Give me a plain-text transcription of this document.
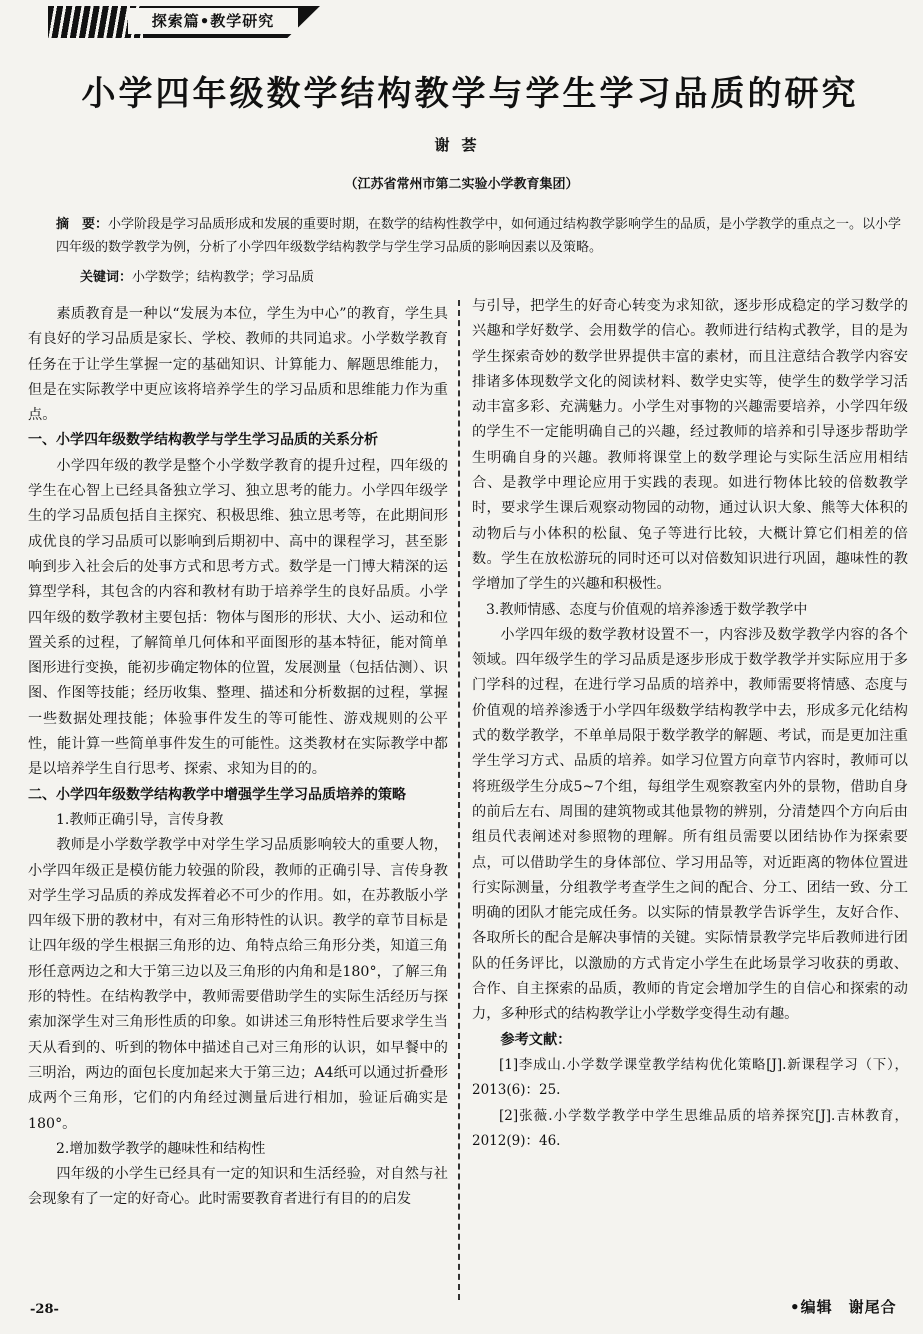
探索篇•教学研究
小学四年级数学结构教学与学生学习品质的研究
谢荟
（江苏省常州市第二实验小学教育集团）
摘　要：小学阶段是学习品质形成和发展的重要时期，在数学的结构性教学中，如何通过结构教学影响学生的品质，是小学教学的重点之一。以小学四年级的数学教学为例，分析了小学四年级数学结构教学与学生学习品质的影响因素以及策略。
关键词：小学数学；结构教学；学习品质

素质教育是一种以“发展为本位，学生为中心”的教育，学生具有良好的学习品质是家长、学校、教师的共同追求。小学数学教育任务在于让学生掌握一定的基础知识、计算能力、解题思维能力，但是在实际教学中更应该将培养学生的学习品质和思维能力作为重点。

一、小学四年级数学结构教学与学生学习品质的关系分析

小学四年级的教学是整个小学数学教育的提升过程，四年级的学生在心智上已经具备独立学习、独立思考的能力。小学四年级学生的学习品质包括自主探究、积极思维、独立思考等，在此期间形成优良的学习品质可以影响到后期初中、高中的课程学习，甚至影响到步入社会后的处事方式和思考方式。数学是一门博大精深的运算型学科，其包含的内容和教材有助于培养学生的良好品质。小学四年级的数学教材主要包括：物体与图形的形状、大小、运动和位置关系的过程，了解简单几何体和平面图形的基本特征，能对简单图形进行变换，能初步确定物体的位置，发展测量（包括估测）、识图、作图等技能；经历收集、整理、描述和分析数据的过程，掌握一些数据处理技能；体验事件发生的等可能性、游戏规则的公平性，能计算一些简单事件发生的可能性。这类教材在实际教学中都是以培养学生自行思考、探索、求知为目的的。

二、小学四年级数学结构教学中增强学生学习品质培养的策略
1.教师正确引导，言传身教

教师是小学数学教学中对学生学习品质影响较大的重要人物，小学四年级正是模仿能力较强的阶段，教师的正确引导、言传身教对学生学习品质的养成发挥着必不可少的作用。如，在苏教版小学四年级下册的教材中，有对三角形特性的认识。教学的章节目标是让四年级的学生根据三角形的边、角特点给三角形分类，知道三角形任意两边之和大于第三边以及三角形的内角和是180°，了解三角形的特性。在结构教学中，教师需要借助学生的实际生活经历与探索加深学生对三角形性质的印象。如讲述三角形特性后要求学生当天从看到的、听到的物体中描述自己对三角形的认识，如早餐中的三明治，两边的面包长度加起来大于第三边；A4纸可以通过折叠形成两个三角形，它们的内角经过测量后进行相加，验证后确实是180°。

2.增加数学教学的趣味性和结构性

四年级的小学生已经具有一定的知识和生活经验，对自然与社会现象有了一定的好奇心。此时需要教育者进行有目的的启发

与引导，把学生的好奇心转变为求知欲，逐步形成稳定的学习数学的兴趣和学好数学、会用数学的信心。教师进行结构式教学，目的是为学生探索奇妙的数学世界提供丰富的素材，而且注意结合教学内容安排诸多体现数学文化的阅读材料、数学史实等，使学生的数学学习活动丰富多彩、充满魅力。小学生对事物的兴趣需要培养，小学四年级的学生不一定能明确自己的兴趣，经过教师的培养和引导逐步帮助学生明确自身的兴趣。教师将课堂上的数学理论与实际生活应用相结合、是教学中理论应用于实践的表现。如进行物体比较的倍数教学时，要求学生课后观察动物园的动物，通过认识大象、熊等大体积的动物后与小体积的松鼠、兔子等进行比较，大概计算它们相差的倍数。学生在放松游玩的同时还可以对倍数知识进行巩固，趣味性的教学增加了学生的兴趣和积极性。

3.教师情感、态度与价值观的培养渗透于数学教学中

小学四年级的数学教材设置不一，内容涉及数学教学内容的各个领域。四年级学生的学习品质是逐步形成于数学教学并实际应用于多门学科的过程，在进行学习品质的培养中，教师需要将情感、态度与价值观的培养渗透于小学四年级数学结构教学中去，形成多元化结构式的数学教学，不单单局限于数学教学的解题、考试，而是更加注重学生学习方式、品质的培养。如学习位置方向章节内容时，教师可以将班级学生分成5~7个组，每组学生观察教室内外的景物，借助自身的前后左右、周围的建筑物或其他景物的辨别，分清楚四个方向后由组员代表阐述对参照物的理解。所有组员需要以团结协作为探索要点，可以借助学生的身体部位、学习用品等，对近距离的物体位置进行实际测量，分组教学考查学生之间的配合、分工、团结一致、分工明确的团队才能完成任务。以实际的情景教学告诉学生，友好合作、各取所长的配合是解决事情的关键。实际情景教学完毕后教师进行团队的任务评比，以激励的方式肯定小学生在此场景学习收获的勇敢、合作、自主探索的品质，教师的肯定会增加学生的自信心和探索的动力，多种形式的结构教学让小学数学变得生动有趣。

参考文献：

[1]李成山.小学数学课堂教学结构优化策略[J].新课程学习（下），2013(6)：25.

[2]张薇.小学数学教学中学生思维品质的培养探究[J].吉林教育，2012(9)：46.

-28-	•编辑　谢尾合
